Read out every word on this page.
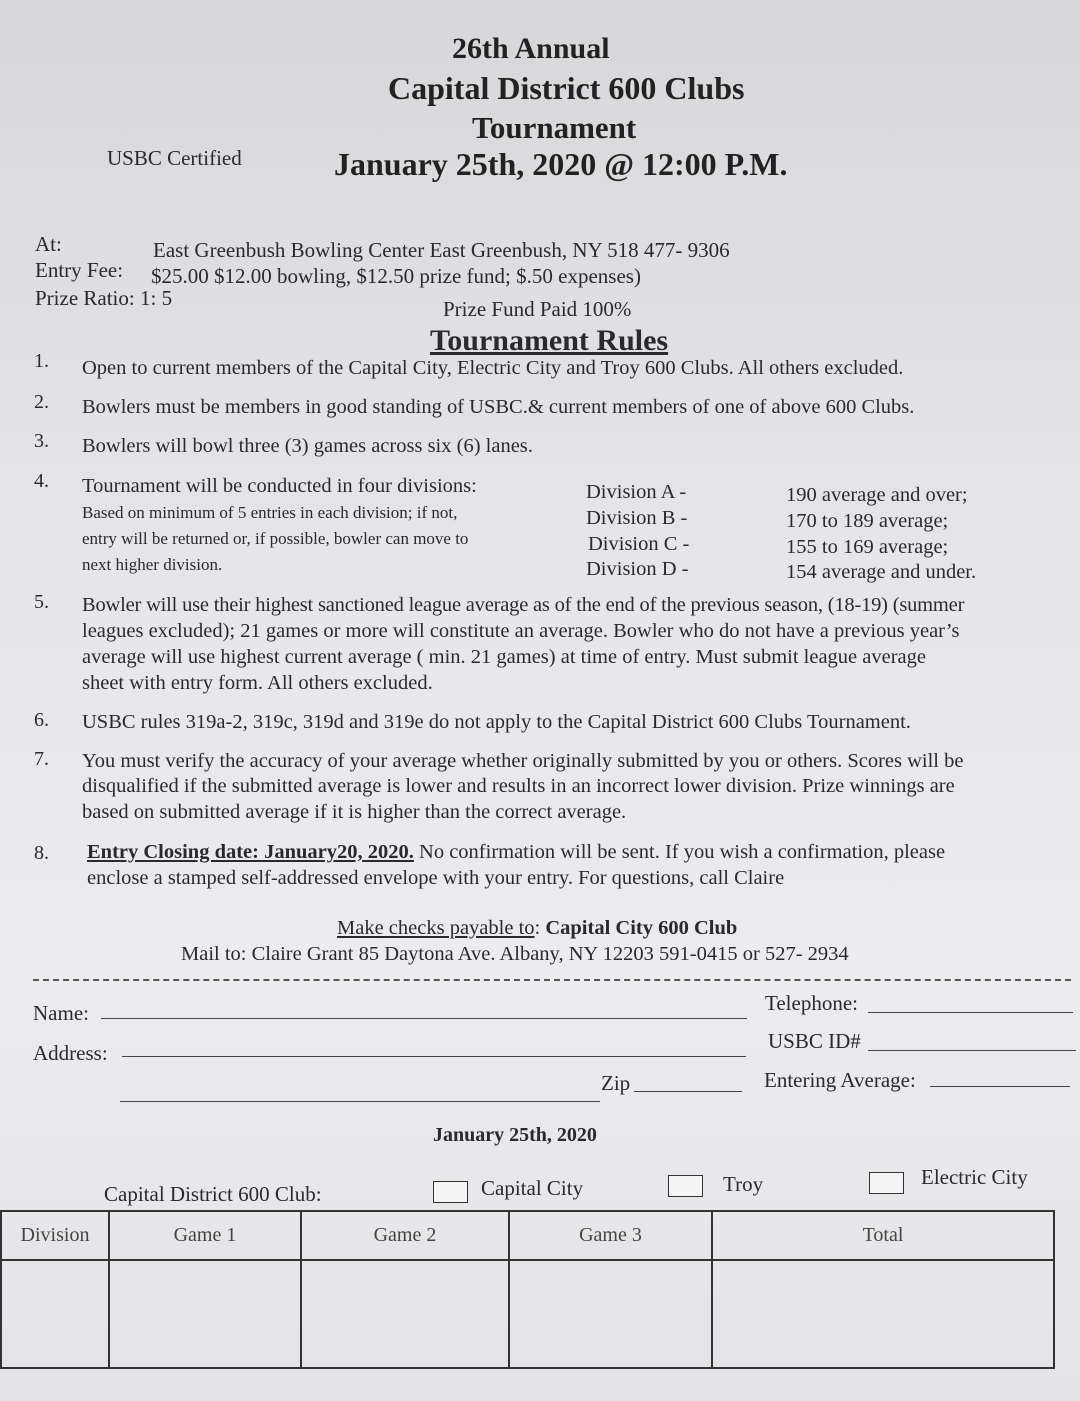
26th Annual
Capital District 600 Clubs
Tournament
USBC Certified	January 25th, 2020 @ 12:00 P.M.
At:	East Greenbush Bowling Center East Greenbush, NY 518 477- 9306
Entry Fee: $25.00 $12.00 bowling, $12.50 prize fund; $.50 expenses)
Prize Ratio: 1: 5	Prize Fund Paid 100%
Tournament Rules
1. Open to current members of the Capital City, Electric City and Troy 600 Clubs. All others excluded.
2. Bowlers must be members in good standing of USBC.& current members of one of above 600 Clubs.
3. Bowlers will bowl three (3) games across six (6) lanes.
4. Tournament will be conducted in four divisions:
Based on minimum of 5 entries in each division; if not,
entry will be returned or, if possible, bowler can move to
next higher division.
Division A -	190 average and over;
Division B -	170 to 189 average;
Division C -	155 to 169 average;
Division D -	154 average and under.
5. Bowler will use their highest sanctioned league average as of the end of the previous season, (18-19) (summer
leagues excluded); 21 games or more will constitute an average. Bowler who do not have a previous year’s
average will use highest current average ( min. 21 games) at time of entry. Must submit league average
sheet with entry form. All others excluded.
6. USBC rules 319a-2, 319c, 319d and 319e do not apply to the Capital District 600 Clubs Tournament.
7. You must verify the accuracy of your average whether originally submitted by you or others. Scores will be
disqualified if the submitted average is lower and results in an incorrect lower division. Prize winnings are
based on submitted average if it is higher than the correct average.
8. Entry Closing date: January20, 2020. No confirmation will be sent. If you wish a confirmation, please
enclose a stamped self-addressed envelope with your entry. For questions, call Claire
Make checks payable to: Capital City 600 Club
Mail to: Claire Grant 85 Daytona Ave. Albany, NY 12203 591-0415 or 527- 2934
Name:	Telephone:
Address:	USBC ID#
Zip	Entering Average:
January 25th, 2020
Capital District 600 Club:	Capital City	Troy	Electric City
Division	Game 1	Game 2	Game 3	Total
